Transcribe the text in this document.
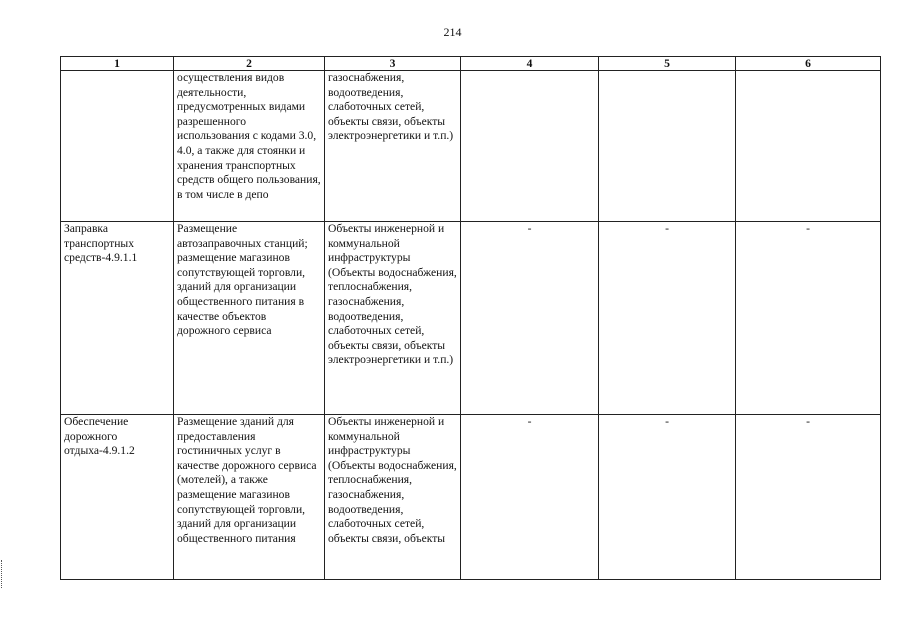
214
1	2	3	4	5	6
	осуществления видов деятельности, предусмотренных видами разрешенного использования с кодами 3.0, 4.0, а также для стоянки и хранения транспортных средств общего пользования, в том числе в депо	газоснабжения, водоотведения, слаботочных сетей, объекты связи, объекты электроэнергетики и т.п.)			
Заправка транспортных средств-4.9.1.1	Размещение автозаправочных станций; размещение магазинов сопутствующей торговли, зданий для организации общественного питания в качестве объектов дорожного сервиса	Объекты инженерной и коммунальной инфраструктуры (Объекты водоснабжения, теплоснабжения, газоснабжения, водоотведения, слаботочных сетей, объекты связи, объекты электроэнергетики и т.п.)	-	-	-
Обеспечение дорожного отдыха-4.9.1.2	Размещение зданий для предоставления гостиничных услуг в качестве дорожного сервиса (мотелей), а также размещение магазинов сопутствующей торговли, зданий для организации общественного питания	Объекты инженерной и коммунальной инфраструктуры (Объекты водоснабжения, теплоснабжения, газоснабжения, водоотведения, слаботочных сетей, объекты связи, объекты	-	-	-
